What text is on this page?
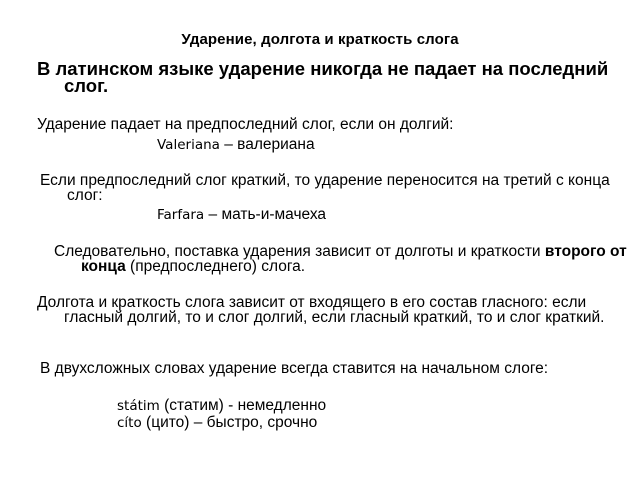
Ударение, долгота и краткость слога
В латинском языке ударение никогда не падает на последний слог.
Ударение падает на предпоследний слог, если он долгий:
Valeriana – валериана
Если предпоследний слог краткий, то ударение переносится на третий с конца слог:
Farfara – мать-и-мачеха
Следовательно, поставка ударения зависит от долготы и краткости второго от конца (предпоследнего) слога.
Долгота и краткость слога зависит от входящего в его состав гласного: если гласный долгий, то и слог долгий, если гласный краткий, то и слог краткий.
В двухсложных словах ударение всегда ставится на начальном слоге:
státim (статим) - немедленно
cíto (цито) – быстро, срочно
